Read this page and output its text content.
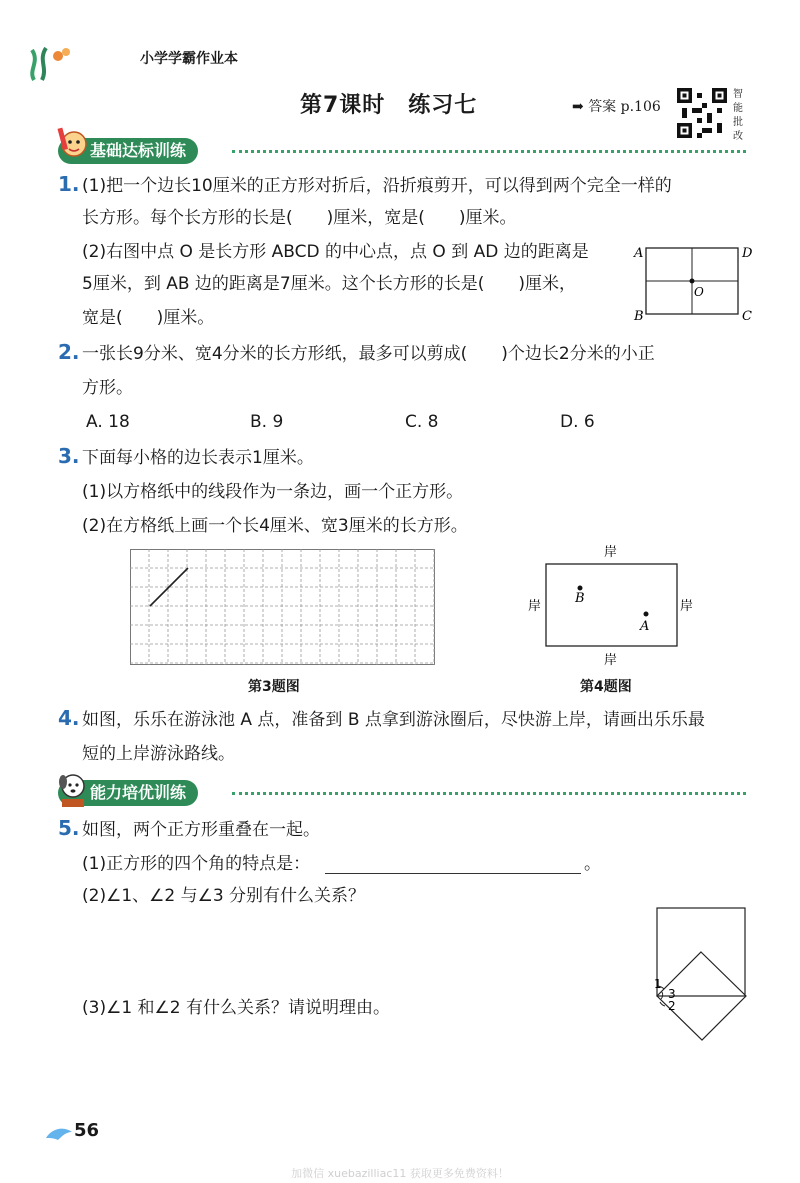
小学学霸作业本
第7课时　练习七	➡ 答案 p.106
智能批改
基础达标训练
1. (1)把一个边长10厘米的正方形对折后，沿折痕剪开，可以得到两个完全一样的
长方形。每个长方形的长是(　　)厘米，宽是(　　)厘米。
(2)右图中点 O 是长方形 ABCD 的中心点，点 O 到 AD 边的距离是
5厘米，到 AB 边的距离是7厘米。这个长方形的长是(　　)厘米，
宽是(　　)厘米。
A	D
B	C
O
2. 一张长9分米、宽4分米的长方形纸，最多可以剪成(　　)个边长2分米的小正
方形。
A. 18	B. 9	C. 8	D. 6
3. 下面每小格的边长表示1厘米。
(1)以方格纸中的线段作为一条边，画一个正方形。
(2)在方格纸上画一个长4厘米、宽3厘米的长方形。
第3题图
岸
岸
岸	岸
B
A
第4题图
4. 如图，乐乐在游泳池 A 点，准备到 B 点拿到游泳圈后，尽快游上岸，请画出乐乐最
短的上岸游泳路线。
能力培优训练
5. 如图，两个正方形重叠在一起。
(1)正方形的四个角的特点是：	。
(2)∠1、∠2 与∠3 分别有什么关系？
(3)∠1 和∠2 有什么关系？请说明理由。
1
2
3
56
加微信 xuebazilliac11 获取更多免费资料！
